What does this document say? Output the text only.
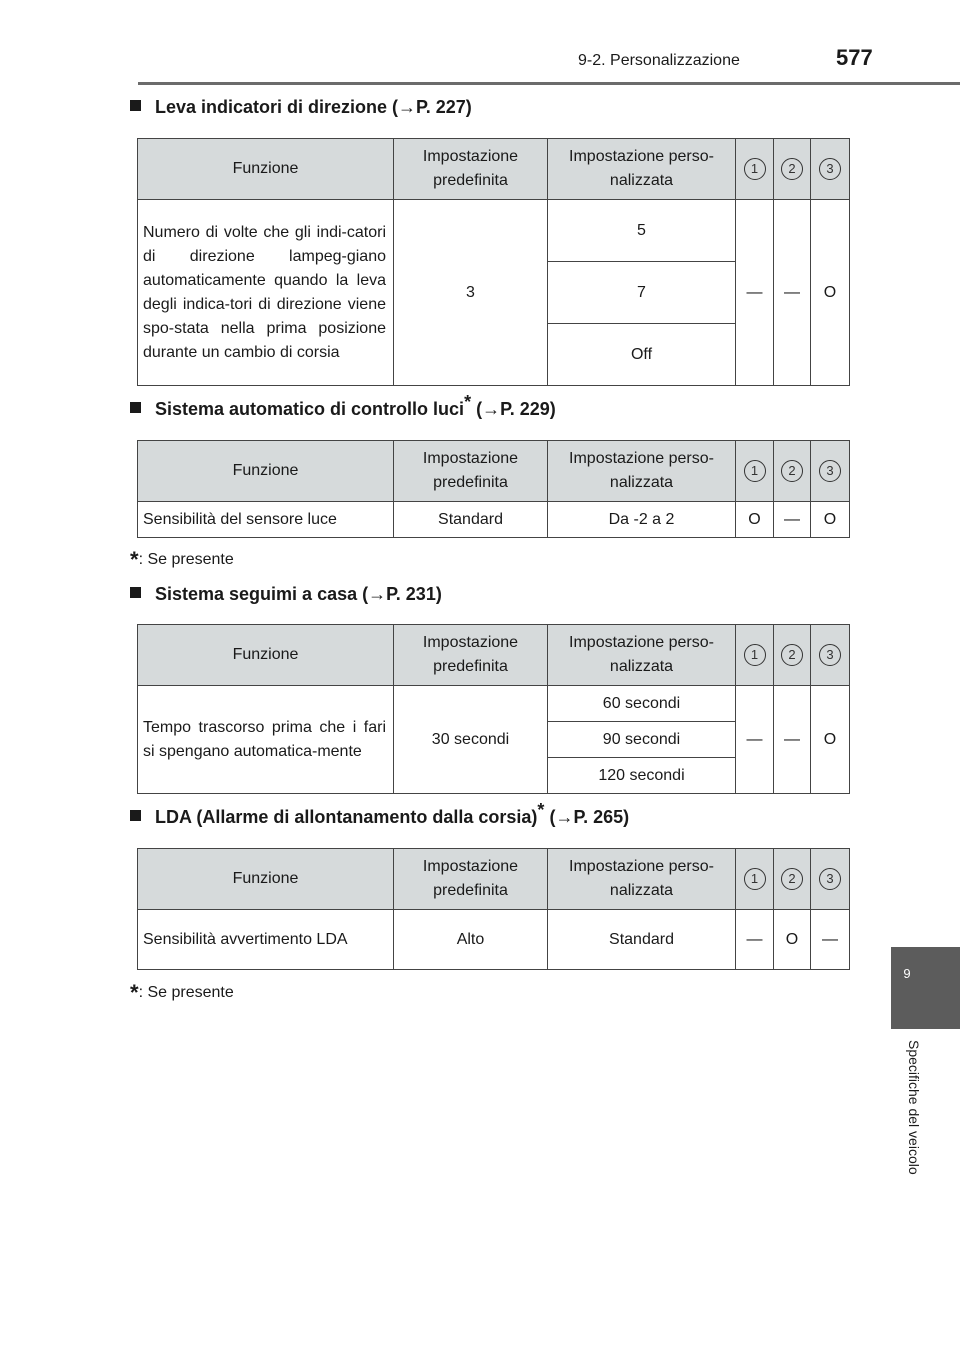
9-2. Personalizzazione	577
9
Specifiche del veicolo
Leva indicatori di direzione (→P. 227)
Funzione	Impostazione predefinita	Impostazione perso-nalizzata	1	2	3
Numero di volte che gli indi-catori di direzione lampeg-giano automaticamente quando la leva degli indica-tori di direzione viene spo-stata nella prima posizione durante un cambio di corsia	3	5	—	—	O
		7			
		Off			
Sistema automatico di controllo luci* (→P. 229)
Funzione	Impostazione predefinita	Impostazione perso-nalizzata	1	2	3
Sensibilità del sensore luce	Standard	Da -2 a 2	O	—	O
*: Se presente
Sistema seguimi a casa (→P. 231)
Funzione	Impostazione predefinita	Impostazione perso-nalizzata	1	2	3
Tempo trascorso prima che i fari si spengano automatica-mente	30 secondi	60 secondi	—	—	O
		90 secondi			
		120 secondi			
LDA (Allarme di allontanamento dalla corsia)* (→P. 265)
Funzione	Impostazione predefinita	Impostazione perso-nalizzata	1	2	3
Sensibilità avvertimento LDA	Alto	Standard	—	O	—
*: Se presente
